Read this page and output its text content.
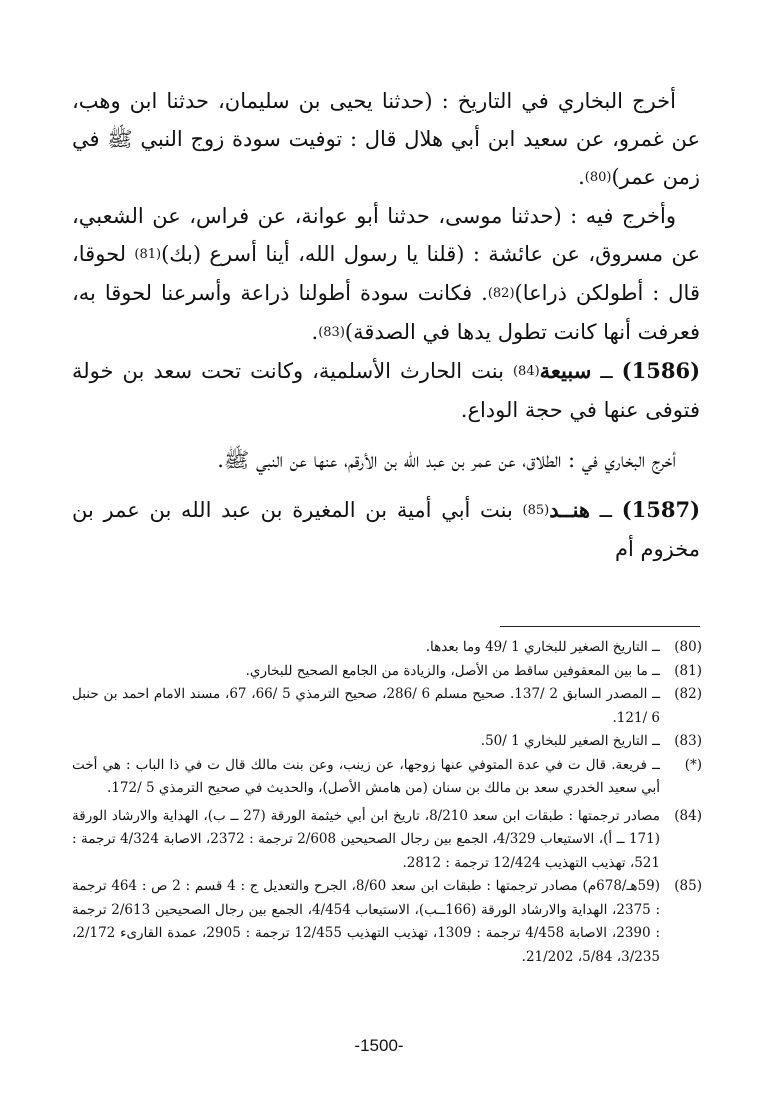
أخرج البخاري في التاريخ : (حدثنا يحيى بن سليمان، حدثنا ابن وهب، عن غمرو، عن سعيد ابن أبي هلال قال : توفيت سودة زوج النبي ﷺ في زمن عمر)(80).

وأخرج فيه : (حدثنا موسى، حدثنا أبو عوانة، عن فراس، عن الشعبي، عن مسروق، عن عائشة : (قلنا يا رسول الله، أينا أسرع (بك)(81) لحوقا، قال : أطولكن ذراعا)(82). فكانت سودة أطولنا ذراعة وأسرعنا لحوقا به، فعرفت أنها كانت تطول يدها في الصدقة)(83).

(1586) ــ سبيعة(84) بنت الحارث الأسلمية، وكانت تحت سعد بن خولة فتوفى عنها في حجة الوداع.

أخرج البخاري في : الطلاق، عن عمر بن عبد الله بن الأرقم، عنها عن النبي ﷺ.

(1587) ــ هنــد(85) بنت أبي أمية بن المغيرة بن عبد الله بن عمر بن مخزوم أم

(80)
ــ التاريخ الصغير للبخاري 1 /49 وما بعدها.
(81)
ــ ما بين المعقوفين ساقط من الأصل، والزيادة من الجامع الصحيح للبخاري.
(82)
ــ المصدر السابق 2 /137. صحيح مسلم 6 /286، صحيح الترمذي 5 /66، 67، مسند الامام احمد بن حنبل 6 /121.
(83)
ــ التاريخ الصغير للبخاري 1 /50.
(*)
ــ فريعة. قال ت في عدة المتوفي عنها زوجها، عن زينب، وعن بنت مالك قال ت في ذا الباب : هي أخت أبي سعيد الخدري سعد بن مالك بن سنان (من هامش الأصل)، والحديث في صحيح الترمذي 5 /172.
(84)
مصادر ترجمتها : طبقات ابن سعد 8/210، تاريخ ابن أبي خيثمة الورقة (27 ــ ب)، الهداية والارشاد الورقة (171 ــ أ)، الاستيعاب 4/329، الجمع بين رجال الصحيحين 2/608 ترجمة : 2372، الاصابة 4/324 ترجمة : 521، تهذيب التهذيب 12/424 ترجمة : 2812.
(85)
(59هـ/678م) مصادر ترجمتها : طبقات ابن سعد 8/60، الجرح والتعديل ج : 4 قسم : 2 ص : 464 ترجمة : 2375، الهداية والارشاد الورقة (166ــب)، الاستيعاب 4/454، الجمع بين رجال الصحيحين 2/613 ترجمة : 2390، الاصابة 4/458 ترجمة : 1309، تهذيب التهذيب 12/455 ترجمة : 2905، عمدة القارىء 2/172، 3/235، 5/84، 21/202.
-1500-
